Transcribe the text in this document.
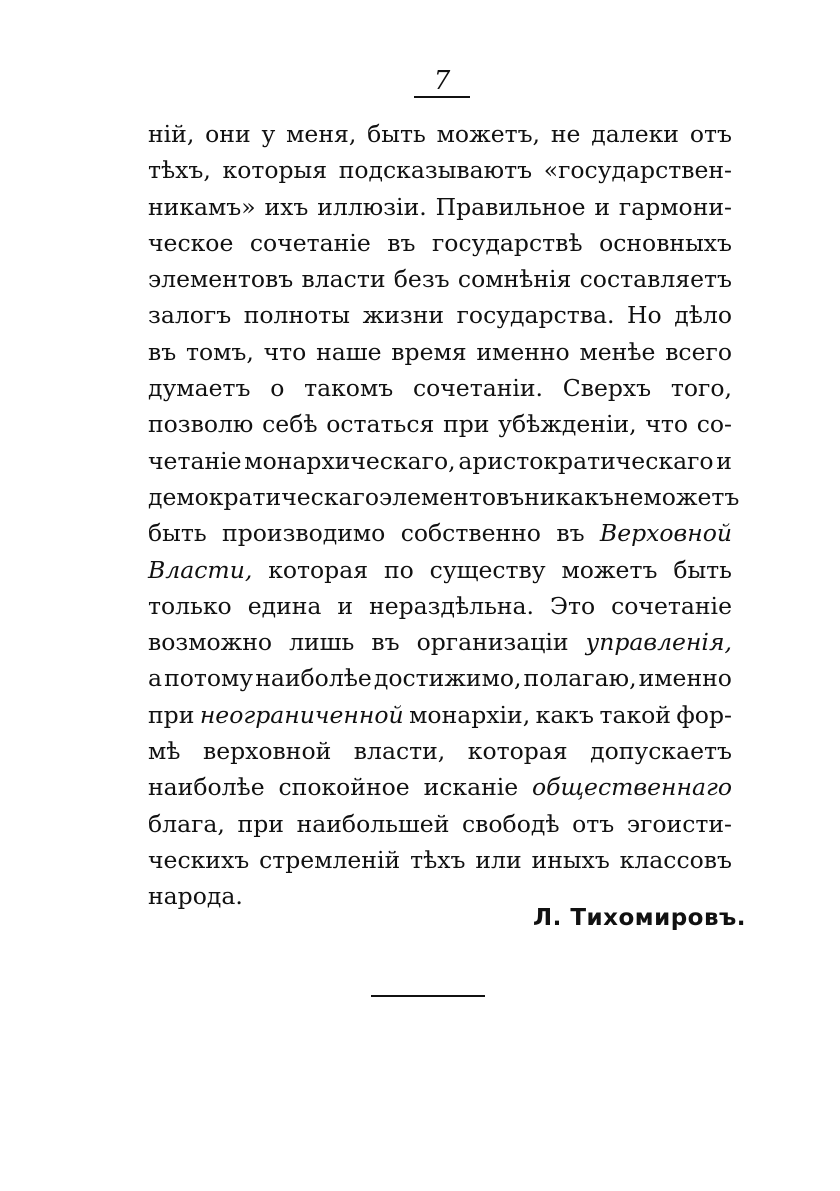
7
ній, они у меня, быть можетъ, не далеки отъ
тѣхъ, которыя подсказываютъ «государствен-
никамъ» ихъ иллюзіи. Правильное и гармони-
ческое сочетаніе въ государствѣ основныхъ
элементовъ власти безъ сомнѣнія составляетъ
залогъ полноты жизни государства. Но дѣло
въ томъ, что наше время именно менѣе всего
думаетъ о такомъ сочетаніи. Сверхъ того,
позволю себѣ остаться при убѣжденіи, что со-
четаніе монархическаго, аристократическаго и
демократическаго элементовъ никакъ не можетъ
быть производимо собственно въ Верховной
Власти, которая по существу можетъ быть
только едина и нераздѣльна. Это сочетаніе
возможно лишь въ организаціи управленія,
а потому наиболѣе достижимо, полагаю, именно
при неограниченной монархіи, какъ такой фор-
мѣ верховной власти, которая допускаетъ
наиболѣе спокойное исканіе общественнаго
блага, при наибольшей свободѣ отъ эгоисти-
ческихъ стремленій тѣхъ или иныхъ классовъ
народа.
Л. Тихомировъ.
